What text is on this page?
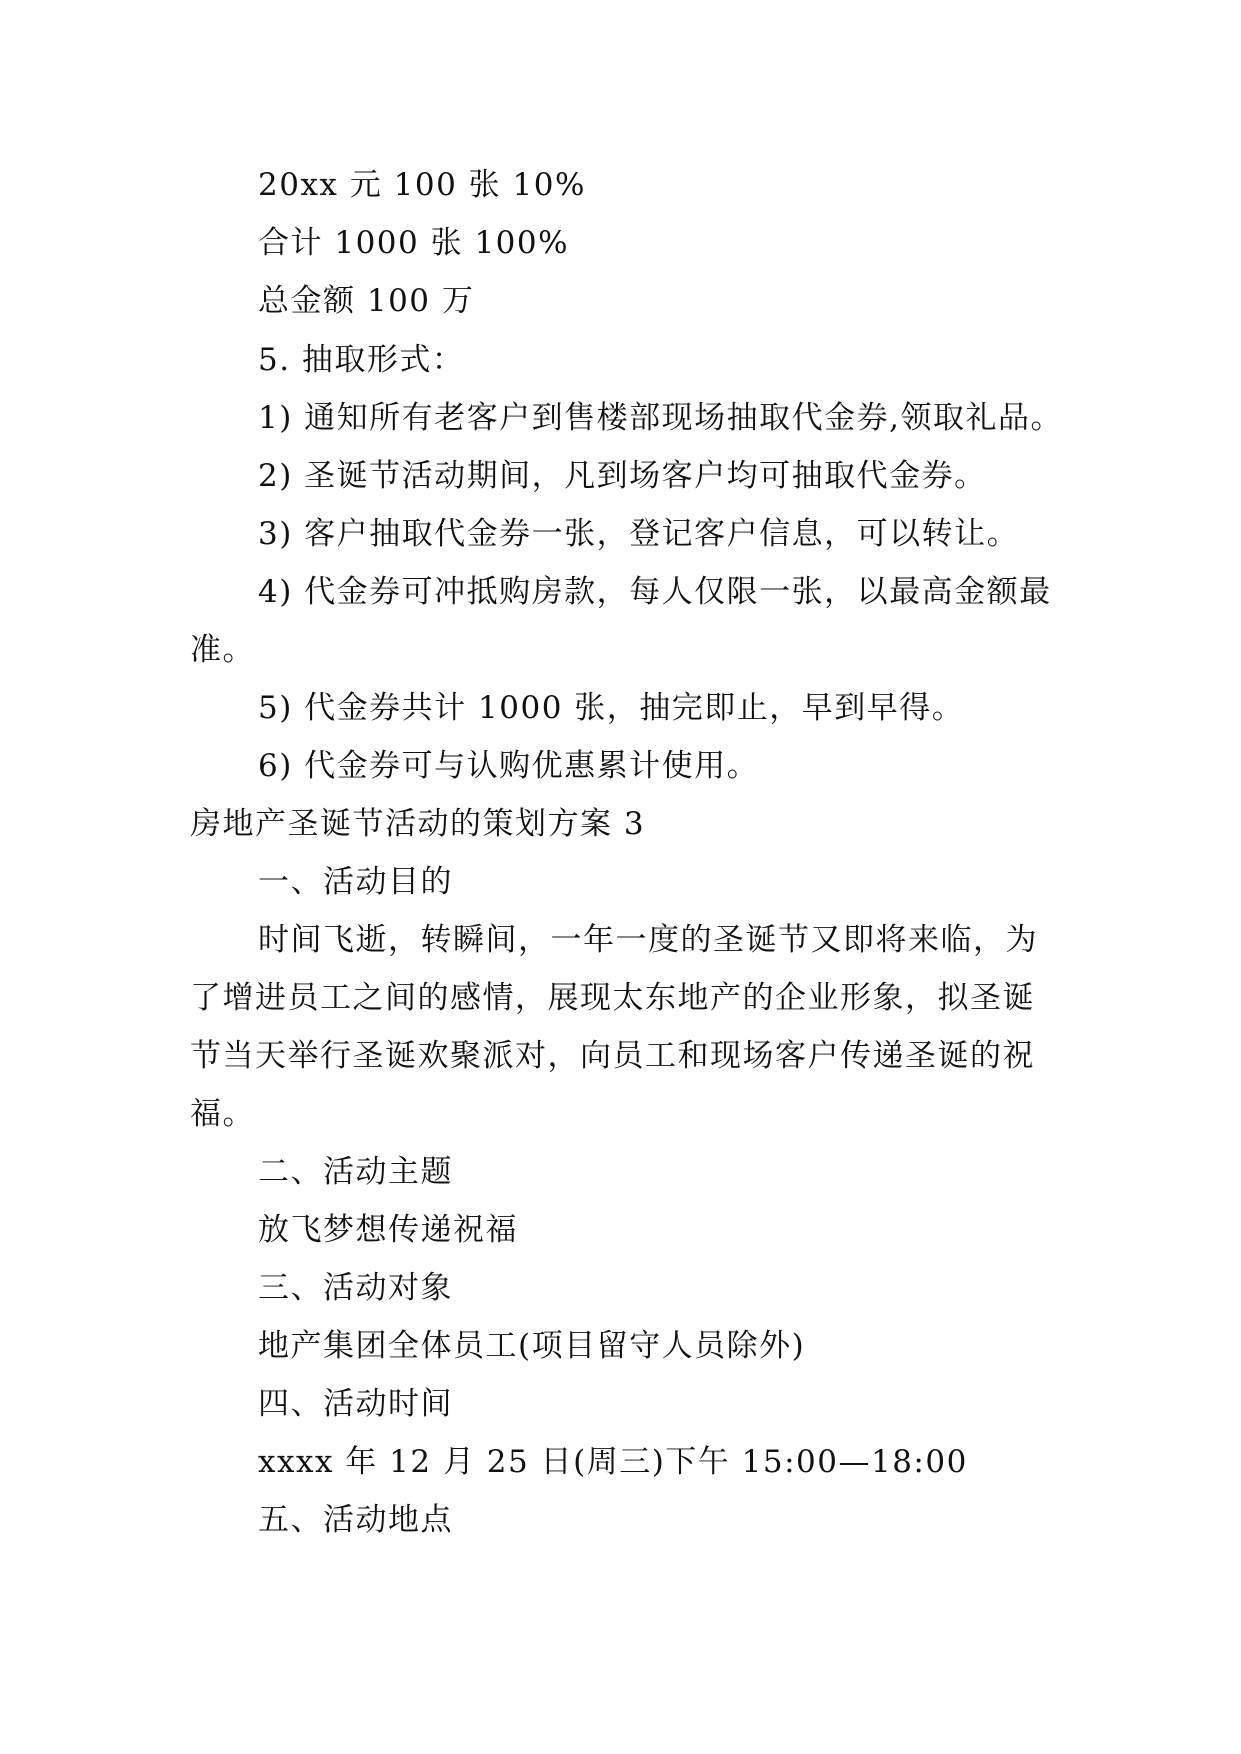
20xx 元 100 张 10%
合计 1000 张 100%
总金额 100 万
5. 抽取形式：
1) 通知所有老客户到售楼部现场抽取代金券,领取礼品。
2) 圣诞节活动期间，凡到场客户均可抽取代金券。
3) 客户抽取代金券一张，登记客户信息，可以转让。
4) 代金券可冲抵购房款，每人仅限一张，以最高金额最
准。
5) 代金券共计 1000 张，抽完即止，早到早得。
6) 代金券可与认购优惠累计使用。
房地产圣诞节活动的策划方案 3
一、活动目的
时间飞逝，转瞬间，一年一度的圣诞节又即将来临，为
了增进员工之间的感情，展现太东地产的企业形象，拟圣诞
节当天举行圣诞欢聚派对，向员工和现场客户传递圣诞的祝
福。
二、活动主题
放飞梦想传递祝福
三、活动对象
地产集团全体员工(项目留守人员除外)
四、活动时间
xxxx 年 12 月 25 日(周三)下午 15:00—18:00
五、活动地点
